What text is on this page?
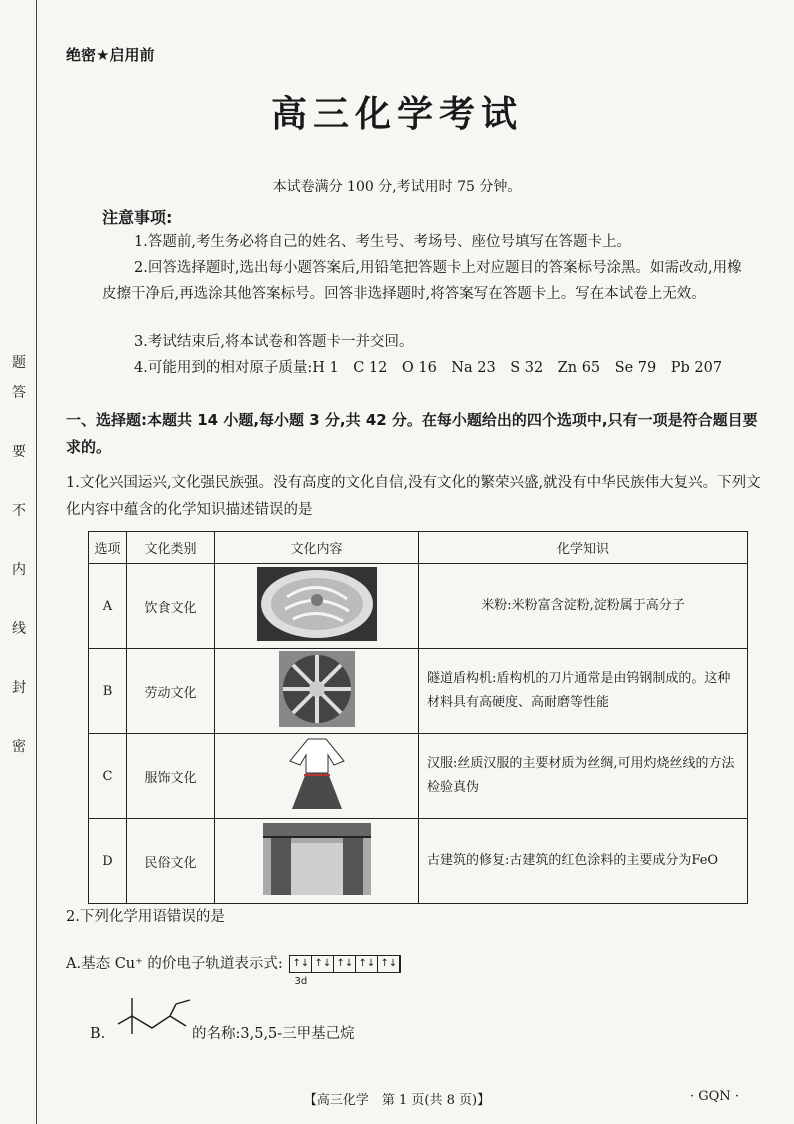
题
答
要
不
内
线
封
密
绝密★启用前
高三化学考试
本试卷满分 100 分,考试用时 75 分钟。
注意事项:
1.答题前,考生务必将自己的姓名、考生号、考场号、座位号填写在答题卡上。
2.回答选择题时,选出每小题答案后,用铅笔把答题卡上对应题目的答案标号涂黑。如需改动,用橡皮擦干净后,再选涂其他答案标号。回答非选择题时,将答案写在答题卡上。写在本试卷上无效。
3.考试结束后,将本试卷和答题卡一并交回。
4.可能用到的相对原子质量:H 1　C 12　O 16　Na 23　S 32　Zn 65　Se 79　Pb 207
一、选择题:本题共 14 小题,每小题 3 分,共 42 分。在每小题给出的四个选项中,只有一项是符合题目要求的。
1.文化兴国运兴,文化强民族强。没有高度的文化自信,没有文化的繁荣兴盛,就没有中华民族伟大复兴。下列文化内容中蕴含的化学知识描述错误的是
选项	文化类别	文化内容	化学知识
A	饮食文化		米粉:米粉富含淀粉,淀粉属于高分子
B	劳动文化		隧道盾构机:盾构机的刀片通常是由钨钢制成的。这种材料具有高硬度、高耐磨等性能
C	服饰文化		汉服:丝质汉服的主要材质为丝绸,可用灼烧丝线的方法检验真伪
D	民俗文化		古建筑的修复:古建筑的红色涂料的主要成分为FeO
2.下列化学用语错误的是
A.基态 Cu⁺ 的价电子轨道表示式: ↑↓ ↑↓ ↑↓ ↑↓ ↑↓
3d
B.	的名称:3,5,5-三甲基己烷
【高三化学　第 1 页(共 8 页)】	· GQN ·
